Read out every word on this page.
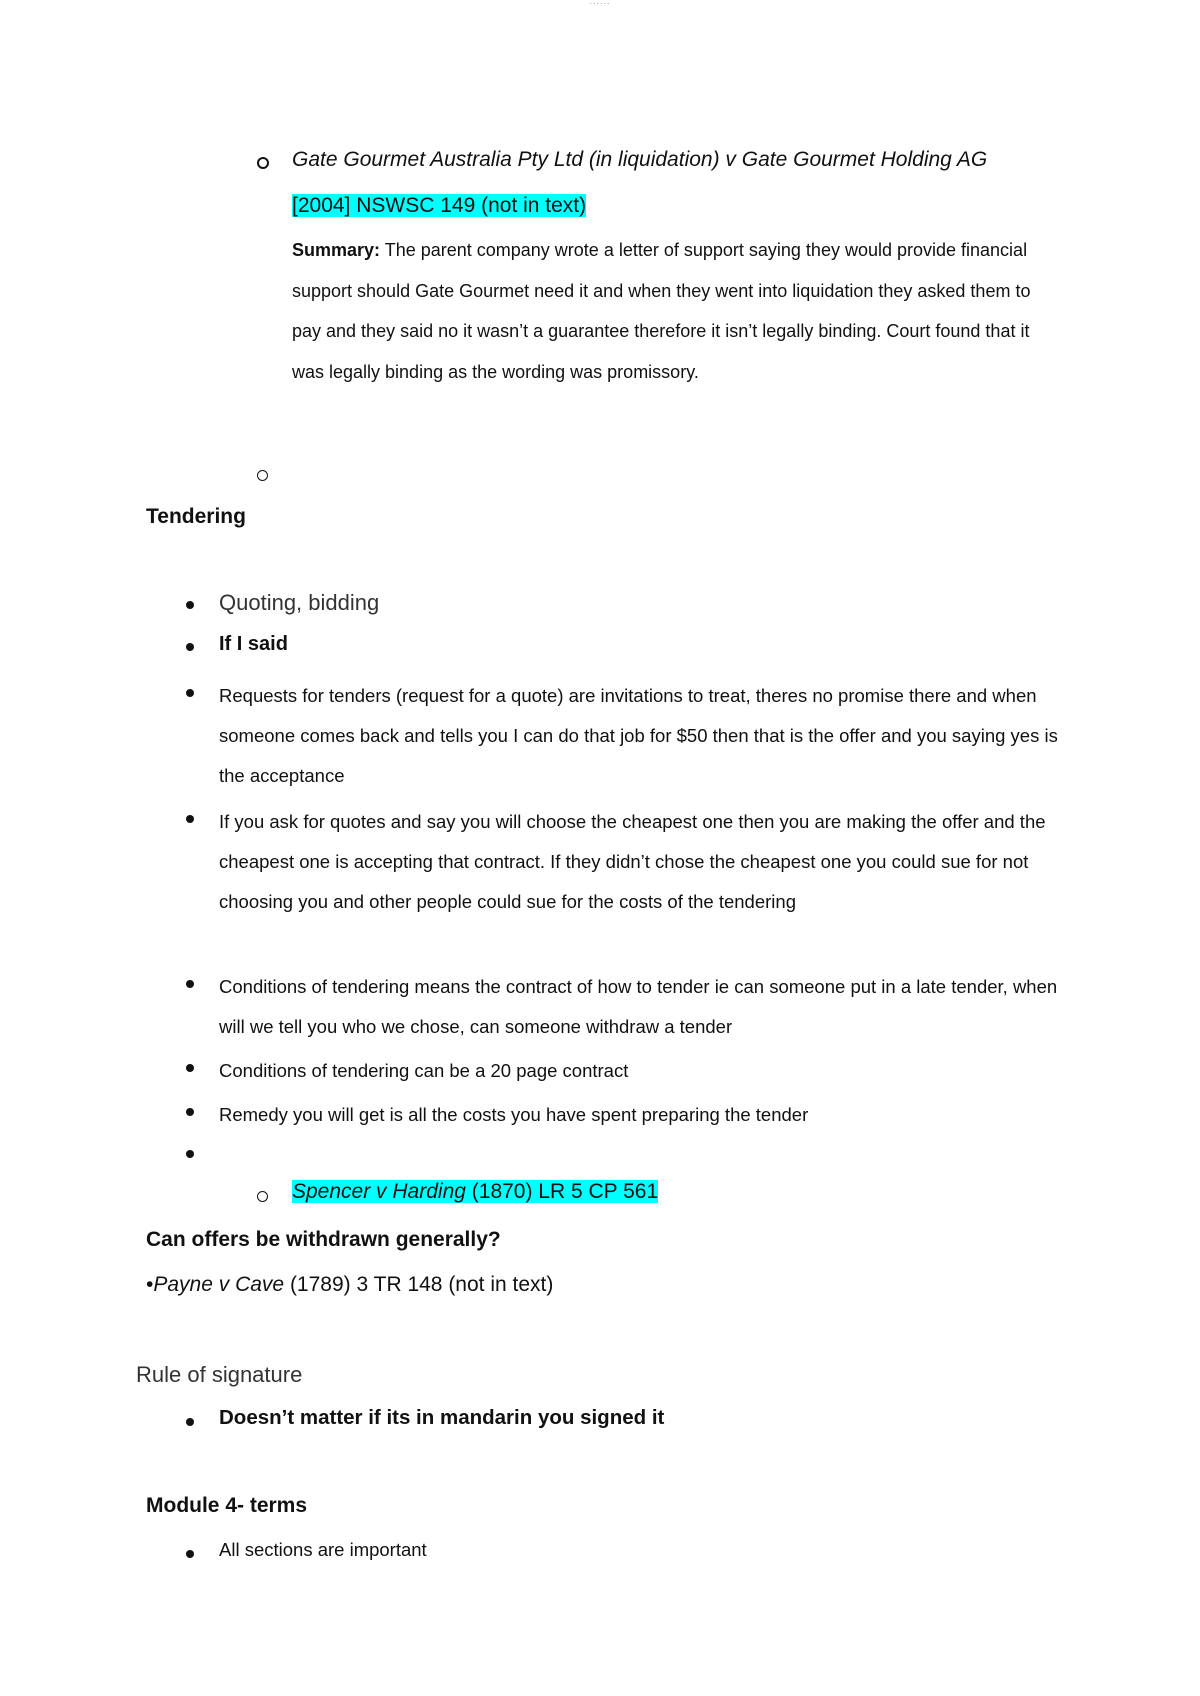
......
Gate Gourmet Australia Pty Ltd (in liquidation) v Gate Gourmet Holding AG
[2004] NSWSC 149 (not in text)
Summary: The parent company wrote a letter of support saying they would provide financial support should Gate Gourmet need it and when they went into liquidation they asked them to pay and they said no it wasn’t a guarantee therefore it isn’t legally binding. Court found that it was legally binding as the wording was promissory.
Tendering
Quoting, bidding
If I said
Requests for tenders (request for a quote) are invitations to treat, theres no promise there and when someone comes back and tells you I can do that job for $50 then that is the offer and you saying yes is the acceptance
If you ask for quotes and say you will choose the cheapest one then you are making the offer and the cheapest one is accepting that contract. If they didn’t chose the cheapest one you could sue for not choosing you and other people could sue for the costs of the tendering
Conditions of tendering means the contract of how to tender ie can someone put in a late tender, when will we tell you who we chose, can someone withdraw a tender
Conditions of tendering can be a 20 page contract
Remedy you will get is all the costs you have spent preparing the tender
Spencer v Harding (1870) LR 5 CP 561
Can offers be withdrawn generally?
•Payne v Cave (1789) 3 TR 148 (not in text)
Rule of signature
Doesn’t matter if its in mandarin you signed it
Module 4- terms
All sections are important
